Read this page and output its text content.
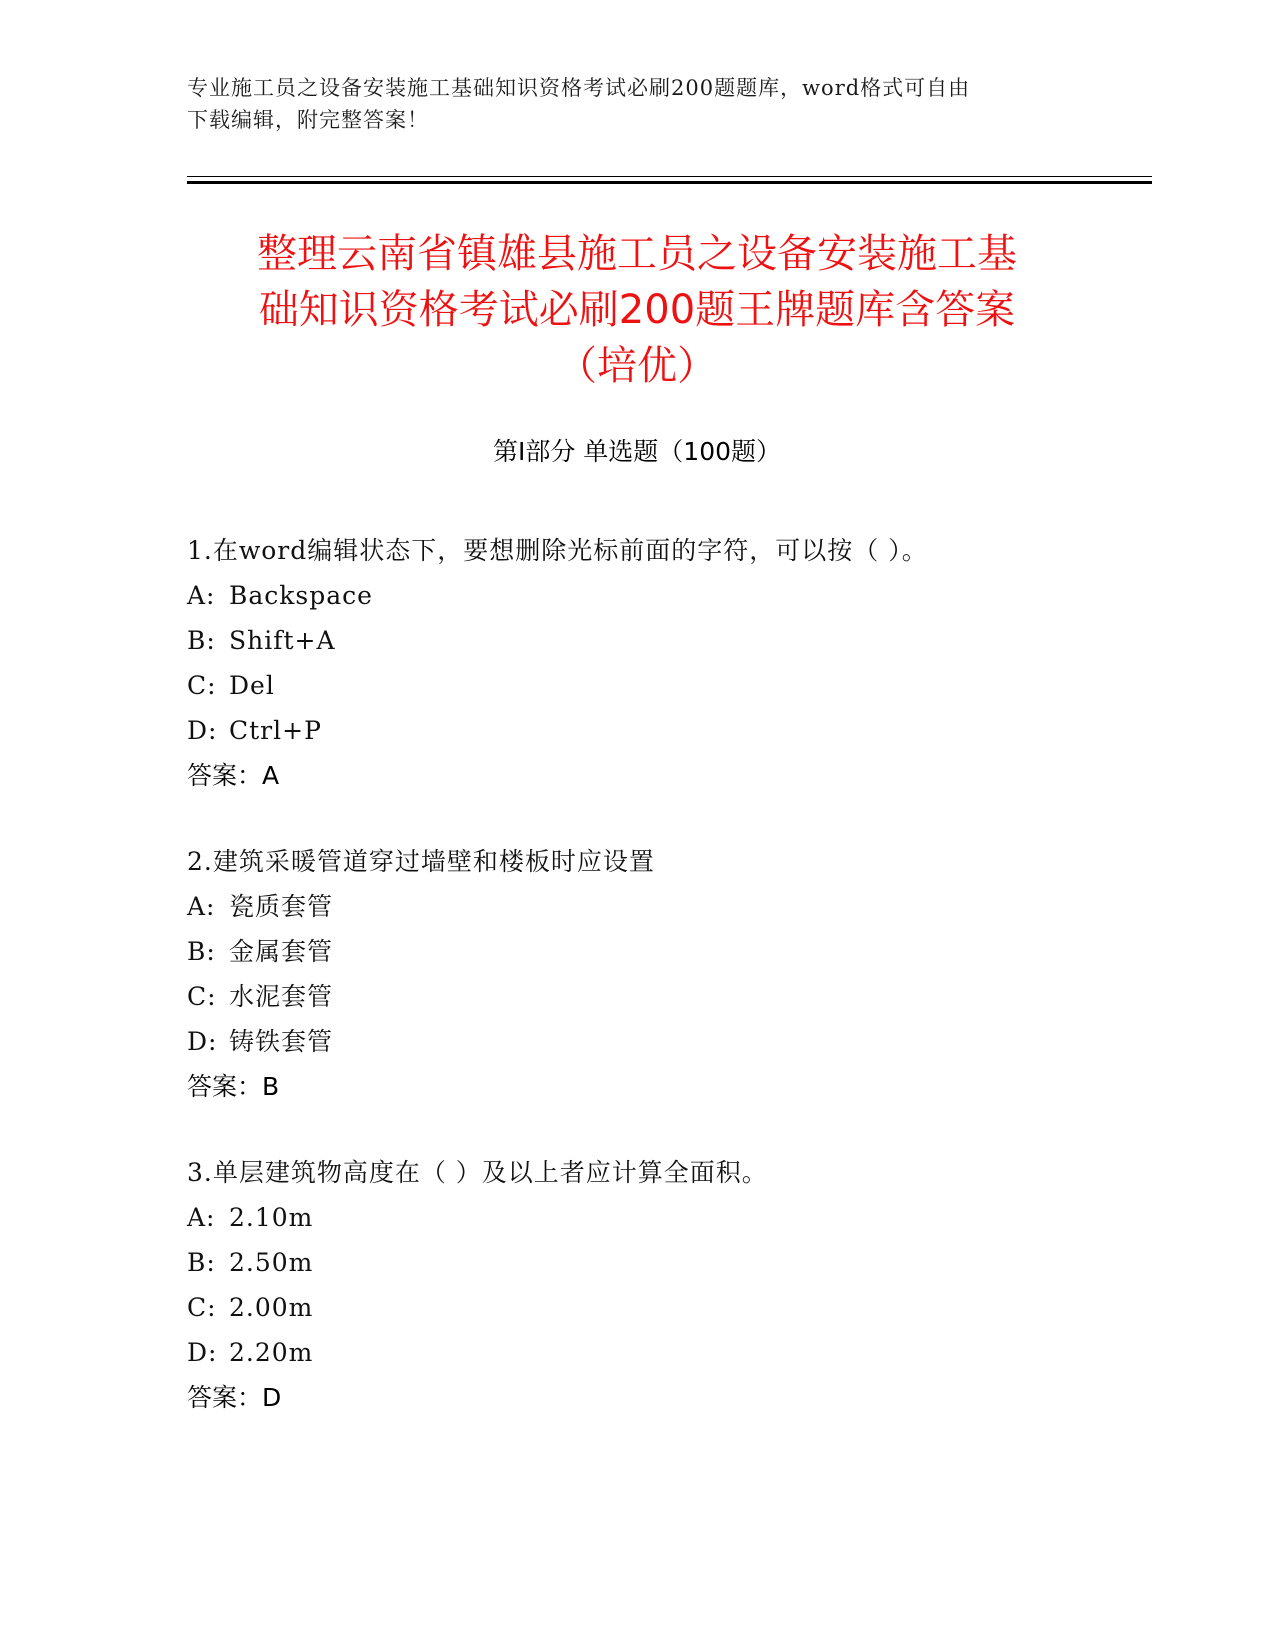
专业施工员之设备安装施工基础知识资格考试必刷200题题库，word格式可自由
下载编辑，附完整答案！
整理云南省镇雄县施工员之设备安装施工基
础知识资格考试必刷200题王牌题库含答案
（培优）
第Ⅰ部分 单选题（100题）
1.在word编辑状态下，要想删除光标前面的字符，可以按（ ）。
A: Backspace
B: Shift+A
C: Del
D: Ctrl+P
答案：A
2.建筑采暖管道穿过墙壁和楼板时应设置
A: 瓷质套管
B: 金属套管
C: 水泥套管
D: 铸铁套管
答案：B
3.单层建筑物高度在（ ）及以上者应计算全面积。
A: 2.10m
B: 2.50m
C: 2.00m
D: 2.20m
答案：D
